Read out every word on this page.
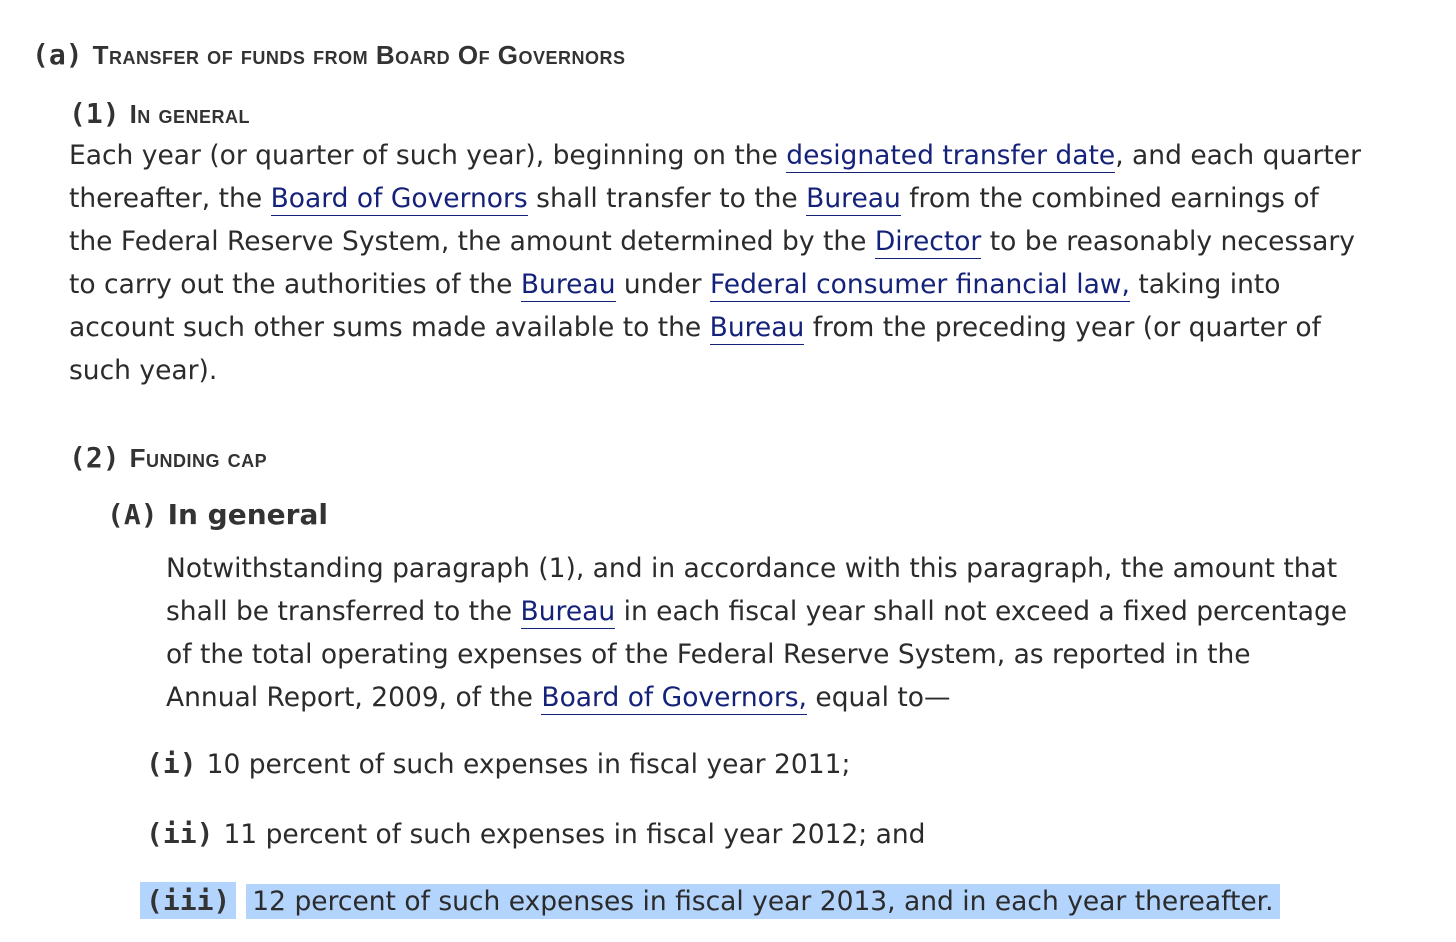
(a) Transfer of funds from Board Of Governors
(1) In general
Each year (or quarter of such year), beginning on the designated transfer date, and each quarter
thereafter, the Board of Governors shall transfer to the Bureau from the combined earnings of
the Federal Reserve System, the amount determined by the Director to be reasonably necessary
to carry out the authorities of the Bureau under Federal consumer financial law, taking into
account such other sums made available to the Bureau from the preceding year (or quarter of
such year).
(2) Funding cap
(A) In general
Notwithstanding paragraph (1), and in accordance with this paragraph, the amount that
shall be transferred to the Bureau in each fiscal year shall not exceed a fixed percentage
of the total operating expenses of the Federal Reserve System, as reported in the
Annual Report, 2009, of the Board of Governors, equal to—
(i) 10 percent of such expenses in fiscal year 2011;
(ii) 11 percent of such expenses in fiscal year 2012; and
(iii) 12 percent of such expenses in fiscal year 2013, and in each year thereafter.
